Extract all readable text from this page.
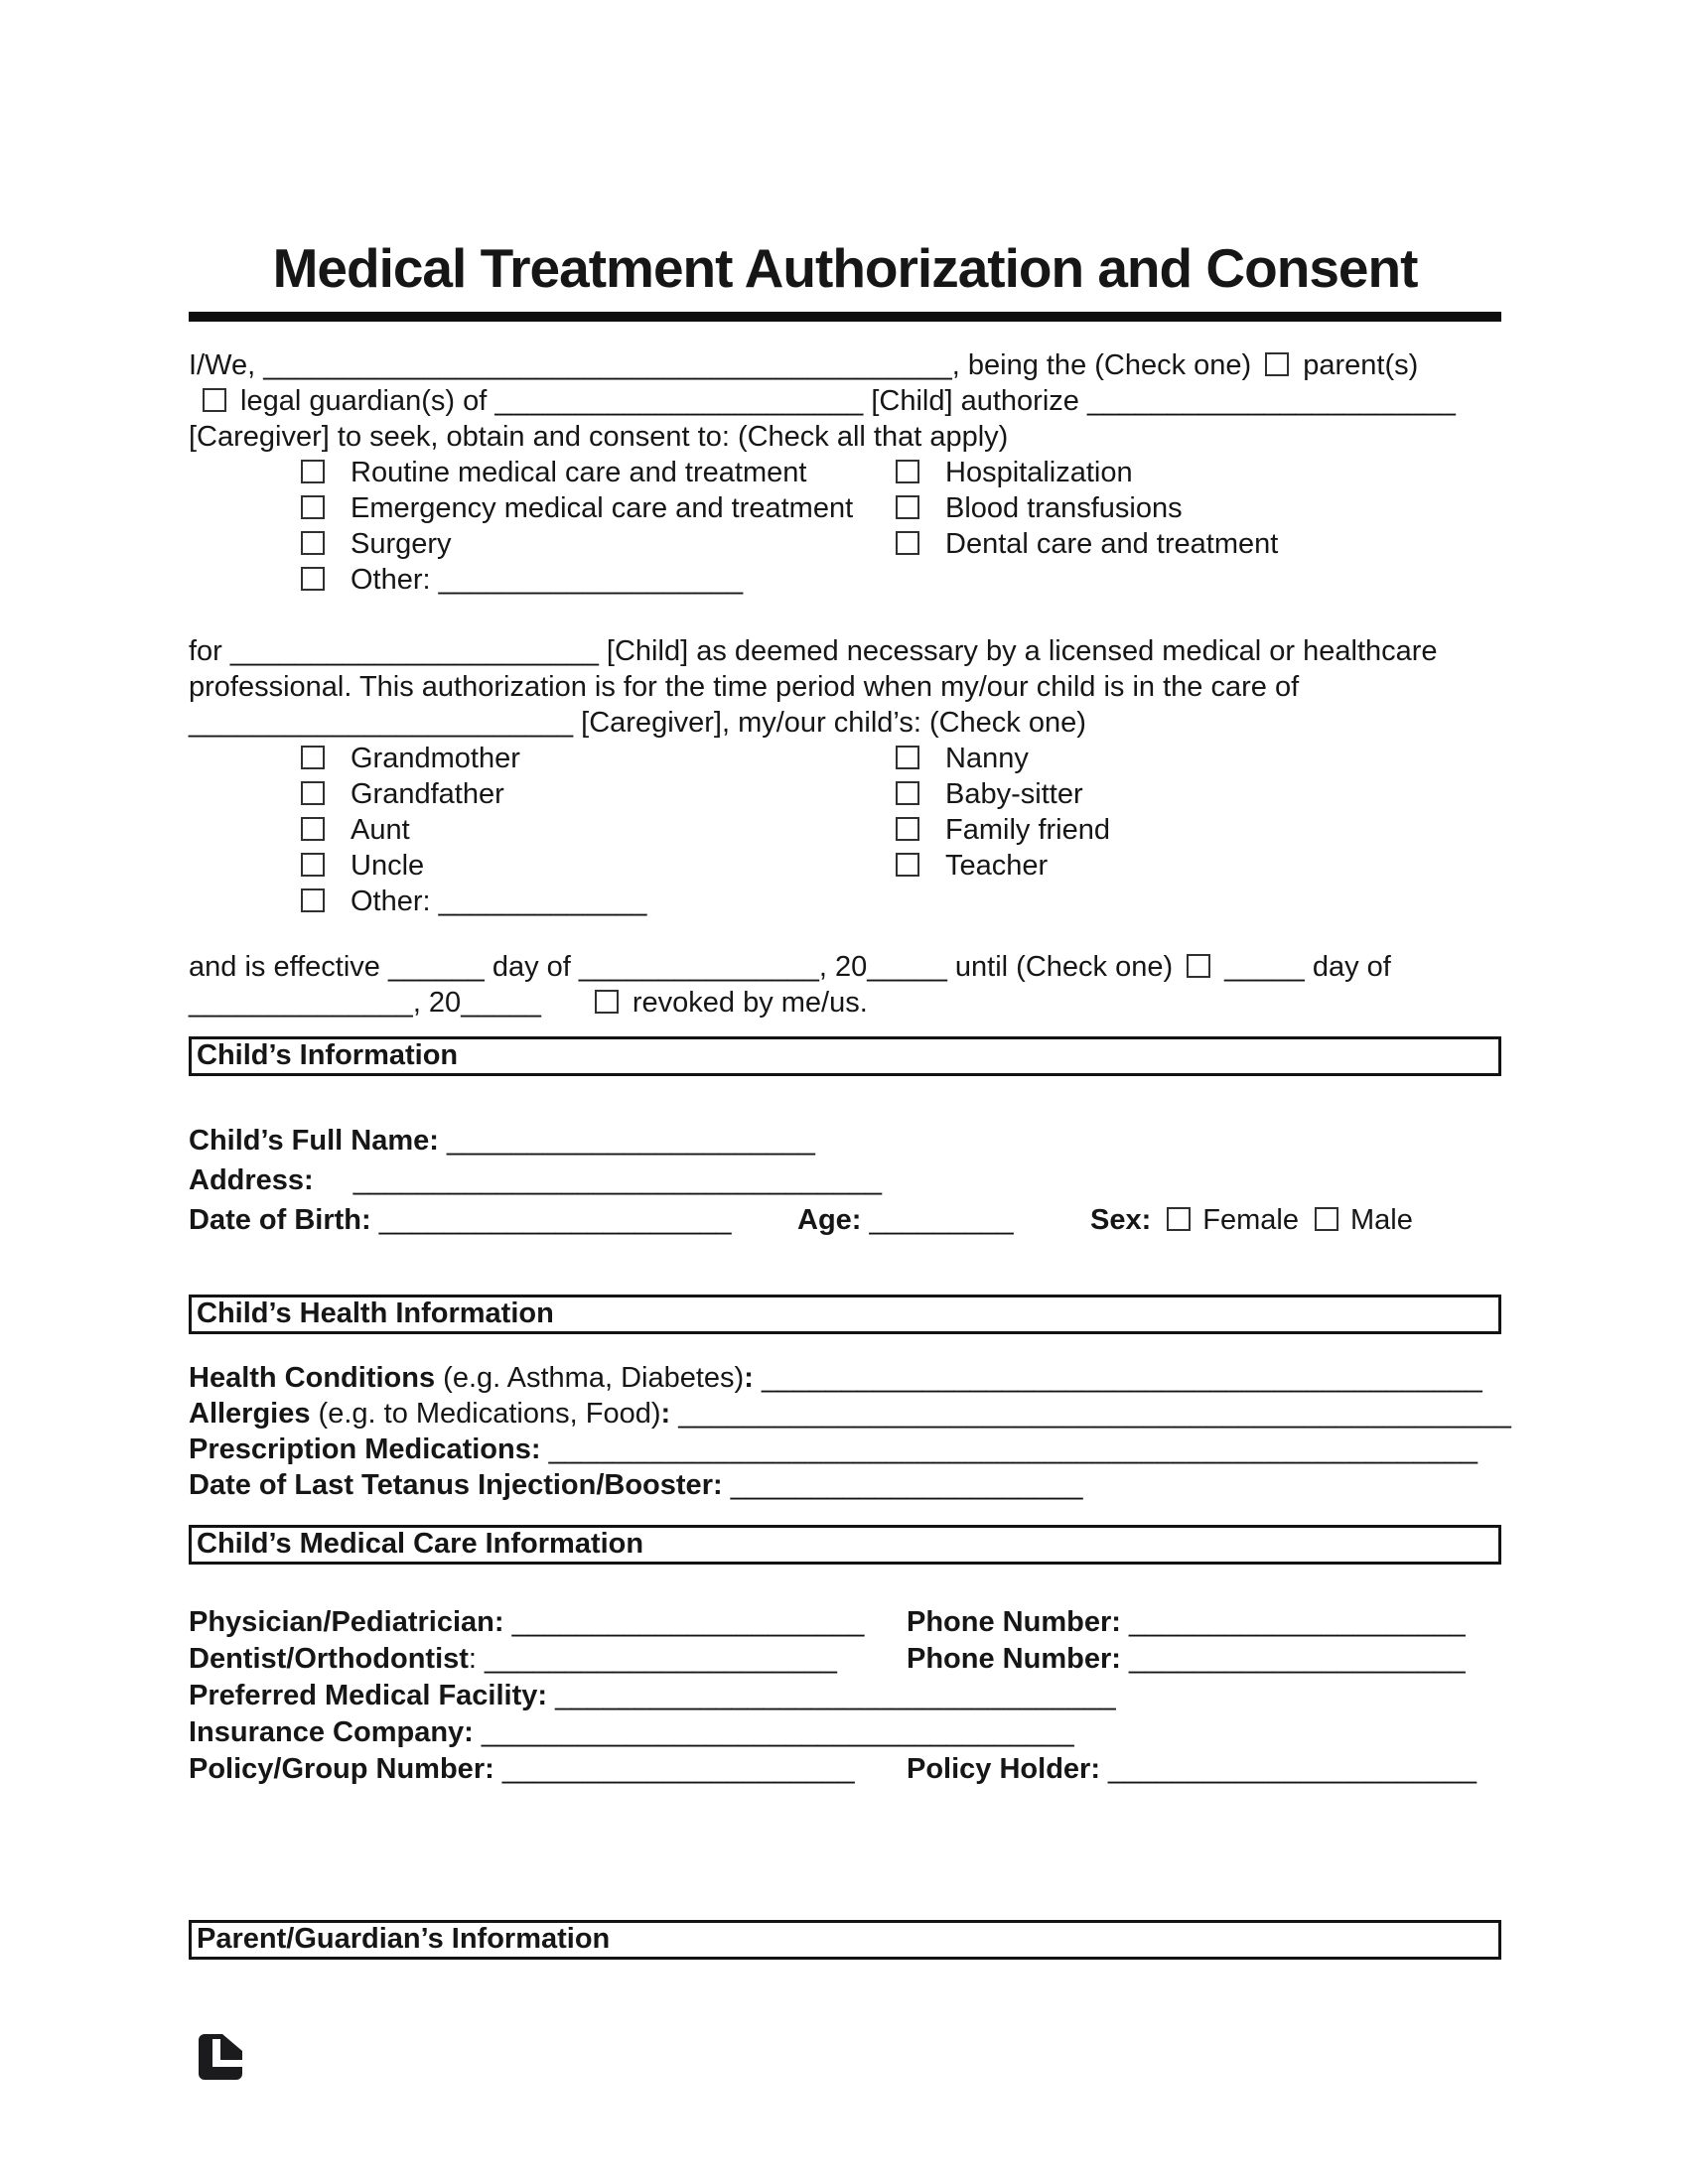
Medical Treatment Authorization and Consent
I/We, ___________________________________________, being the (Check one) parent(s)
legal guardian(s) of _______________________ [Child] authorize _______________________
[Caregiver] to seek, obtain and consent to: (Check all that apply)
Routine medical care and treatment	Hospitalization
Emergency medical care and treatment	Blood transfusions
Surgery	Dental care and treatment
Other: ___________________
for _______________________ [Child] as deemed necessary by a licensed medical or healthcare
professional. This authorization is for the time period when my/our child is in the care of
________________________ [Caregiver], my/our child’s: (Check one)
Grandmother	Nanny
Grandfather	Baby-sitter
Aunt	Family friend
Uncle	Teacher
Other: _____________
and is effective ______ day of _______________, 20_____ until (Check one) _____ day of
______________, 20_____	revoked by me/us.
Child’s Information
Child’s Full Name: _______________________
Address: _________________________________
Date of Birth: ______________________ Age: _________	Sex: Female Male
Child’s Health Information
Health Conditions (e.g. Asthma, Diabetes): _____________________________________________
Allergies (e.g. to Medications, Food): ____________________________________________________
Prescription Medications: __________________________________________________________
Date of Last Tetanus Injection/Booster: ______________________
Child’s Medical Care Information
Physician/Pediatrician: ______________________ Phone Number: _____________________
Dentist/Orthodontist: ______________________ Phone Number: _____________________
Preferred Medical Facility: ___________________________________
Insurance Company: _____________________________________
Policy/Group Number: ______________________ Policy Holder: _______________________
Parent/Guardian’s Information
